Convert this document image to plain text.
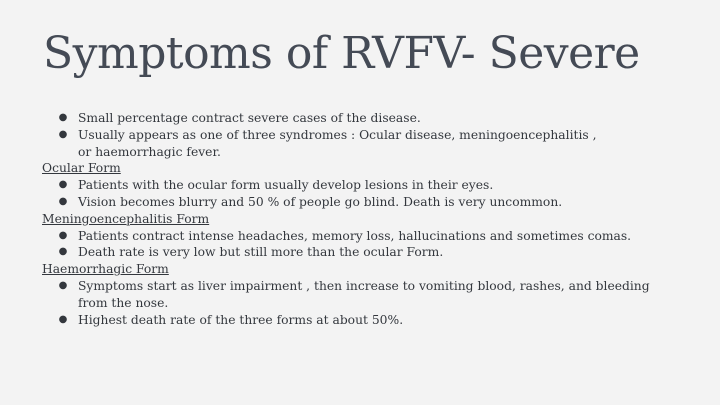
Symptoms of RVFV- Severe
● Small percentage contract severe cases of the disease.
● Usually appears as one of three syndromes : Ocular disease, meningoencephalitis , or haemorrhagic fever.
Ocular Form
● Patients with the ocular form usually develop lesions in their eyes.
● Vision becomes blurry and 50 % of people go blind. Death is very uncommon.
Meningoencephalitis Form
● Patients contract intense headaches, memory loss, hallucinations and sometimes comas.
● Death rate is very low but still more than the ocular Form.
Haemorrhagic Form
● Symptoms start as liver impairment , then increase to vomiting blood, rashes, and bleeding from the nose.
● Highest death rate of the three forms at about 50%.
